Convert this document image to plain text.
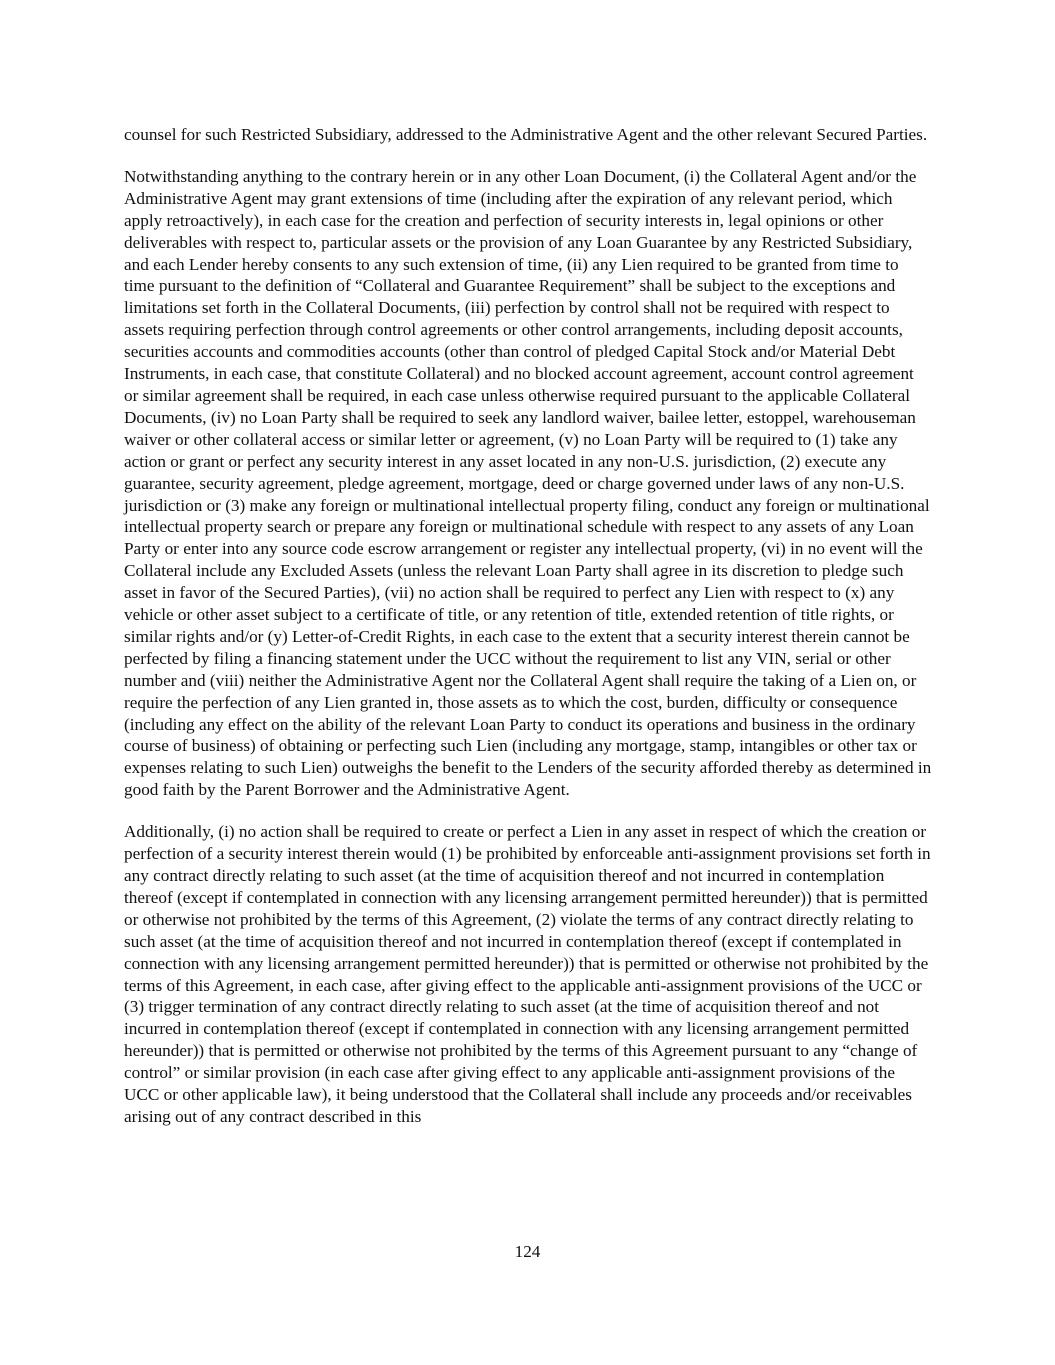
counsel for such Restricted Subsidiary, addressed to the Administrative Agent and the other relevant Secured Parties.

Notwithstanding anything to the contrary herein or in any other Loan Document, (i) the Collateral Agent and/or the Administrative Agent may grant extensions of time (including after the expiration of any relevant period, which apply retroactively), in each case for the creation and perfection of security interests in, legal opinions or other deliverables with respect to, particular assets or the provision of any Loan Guarantee by any Restricted Subsidiary, and each Lender hereby consents to any such extension of time, (ii) any Lien required to be granted from time to time pursuant to the definition of “Collateral and Guarantee Requirement” shall be subject to the exceptions and limitations set forth in the Collateral Documents, (iii) perfection by control shall not be required with respect to assets requiring perfection through control agreements or other control arrangements, including deposit accounts, securities accounts and commodities accounts (other than control of pledged Capital Stock and/or Material Debt Instruments, in each case, that constitute Collateral) and no blocked account agreement, account control agreement or similar agreement shall be required, in each case unless otherwise required pursuant to the applicable Collateral Documents, (iv) no Loan Party shall be required to seek any landlord waiver, bailee letter, estoppel, warehouseman waiver or other collateral access or similar letter or agreement, (v) no Loan Party will be required to (1) take any action or grant or perfect any security interest in any asset located in any non-U.S. jurisdiction, (2) execute any guarantee, security agreement, pledge agreement, mortgage, deed or charge governed under laws of any non-U.S. jurisdiction or (3) make any foreign or multinational intellectual property filing, conduct any foreign or multinational intellectual property search or prepare any foreign or multinational schedule with respect to any assets of any Loan Party or enter into any source code escrow arrangement or register any intellectual property, (vi) in no event will the Collateral include any Excluded Assets (unless the relevant Loan Party shall agree in its discretion to pledge such asset in favor of the Secured Parties), (vii) no action shall be required to perfect any Lien with respect to (x) any vehicle or other asset subject to a certificate of title, or any retention of title, extended retention of title rights, or similar rights and/or (y) Letter-of-Credit Rights, in each case to the extent that a security interest therein cannot be perfected by filing a financing statement under the UCC without the requirement to list any VIN, serial or other number and (viii) neither the Administrative Agent nor the Collateral Agent shall require the taking of a Lien on, or require the perfection of any Lien granted in, those assets as to which the cost, burden, difficulty or consequence (including any effect on the ability of the relevant Loan Party to conduct its operations and business in the ordinary course of business) of obtaining or perfecting such Lien (including any mortgage, stamp, intangibles or other tax or expenses relating to such Lien) outweighs the benefit to the Lenders of the security afforded thereby as determined in good faith by the Parent Borrower and the Administrative Agent.

Additionally, (i) no action shall be required to create or perfect a Lien in any asset in respect of which the creation or perfection of a security interest therein would (1) be prohibited by enforceable anti-assignment provisions set forth in any contract directly relating to such asset (at the time of acquisition thereof and not incurred in contemplation thereof (except if contemplated in connection with any licensing arrangement permitted hereunder)) that is permitted or otherwise not prohibited by the terms of this Agreement, (2) violate the terms of any contract directly relating to such asset (at the time of acquisition thereof and not incurred in contemplation thereof (except if contemplated in connection with any licensing arrangement permitted hereunder)) that is permitted or otherwise not prohibited by the terms of this Agreement, in each case, after giving effect to the applicable anti-assignment provisions of the UCC or (3) trigger termination of any contract directly relating to such asset (at the time of acquisition thereof and not incurred in contemplation thereof (except if contemplated in connection with any licensing arrangement permitted hereunder)) that is permitted or otherwise not prohibited by the terms of this Agreement pursuant to any “change of control” or similar provision (in each case after giving effect to any applicable anti-assignment provisions of the UCC or other applicable law), it being understood that the Collateral shall include any proceeds and/or receivables arising out of any contract described in this

124
